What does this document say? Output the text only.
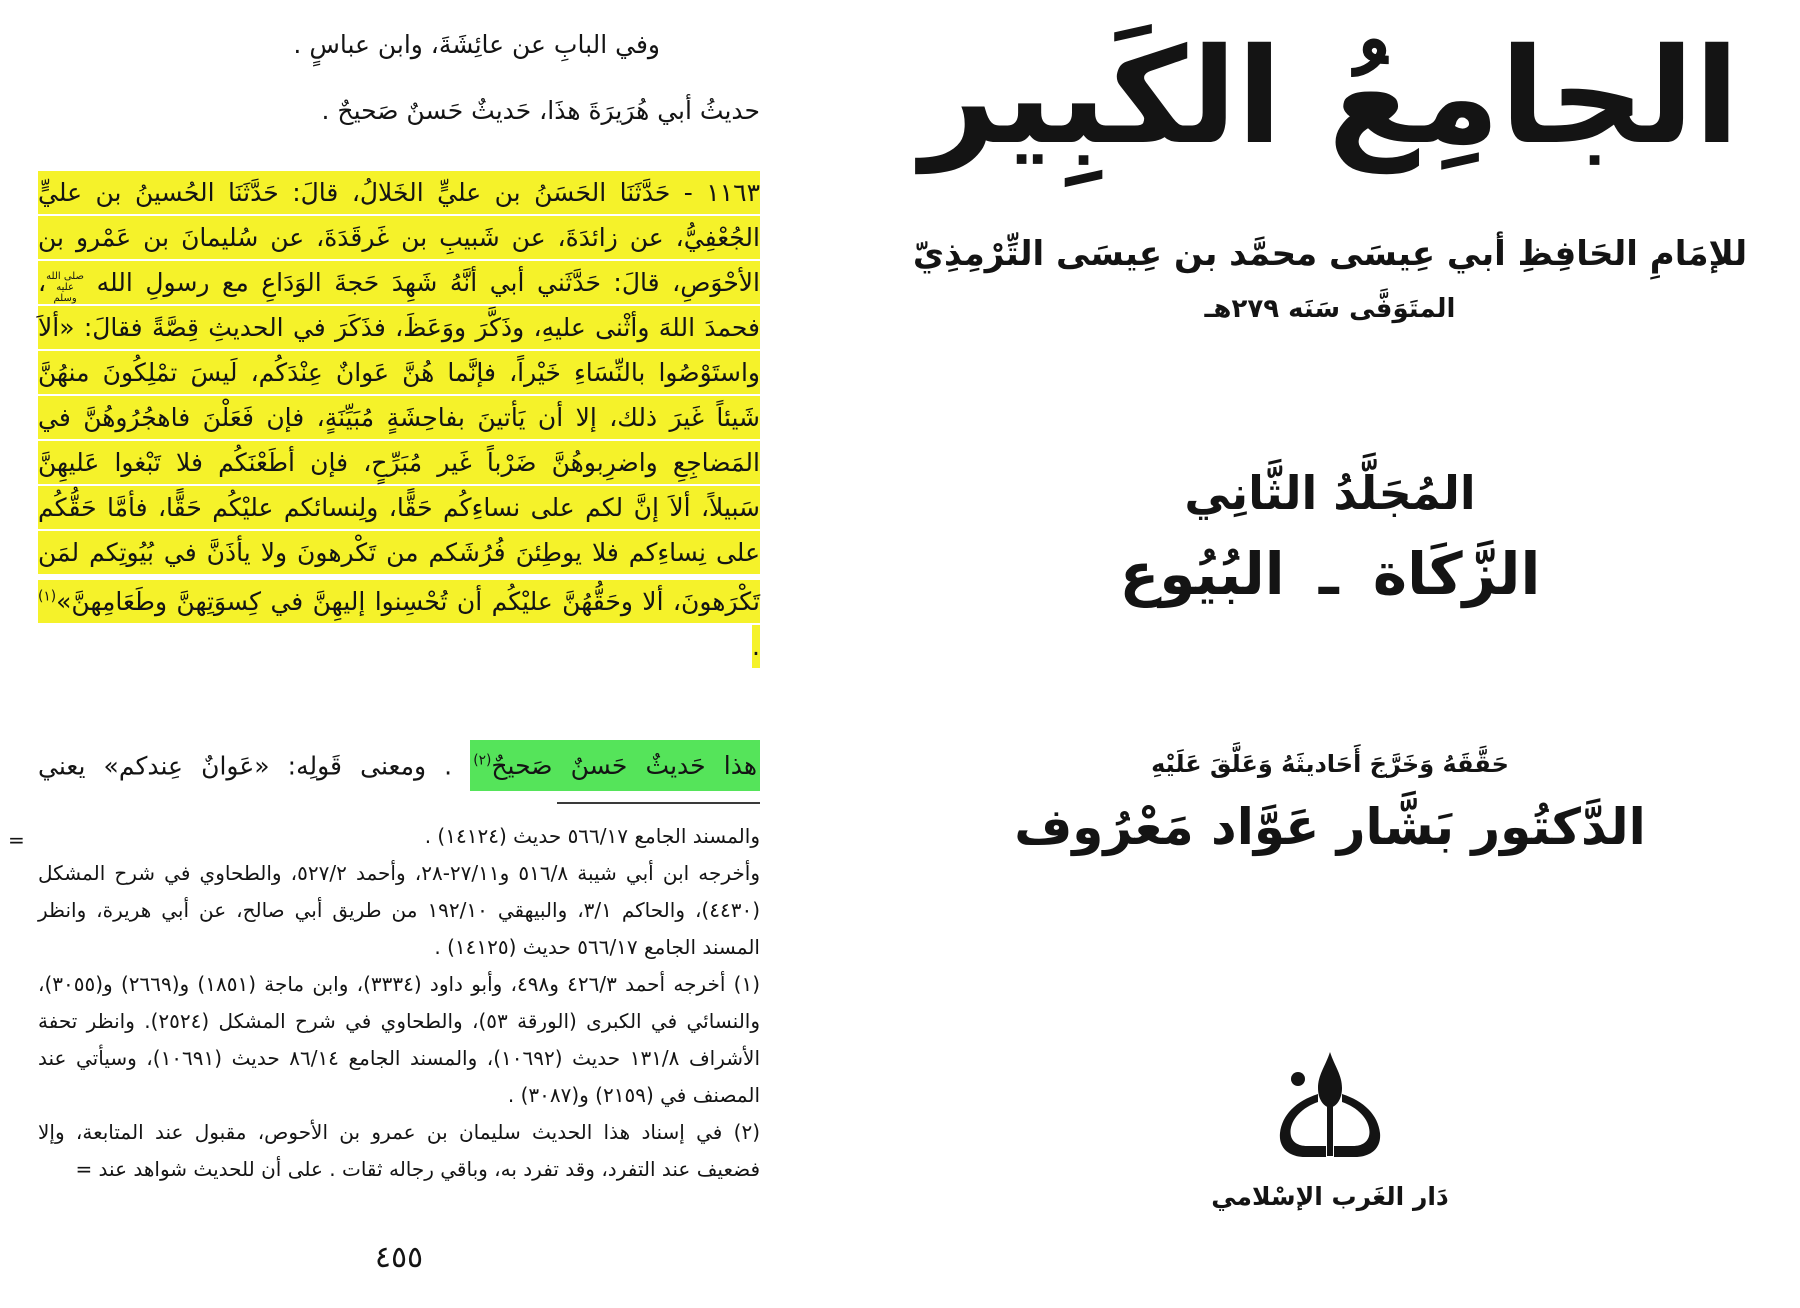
وفي البابِ عن عائِشَةَ، وابن عباسٍ .
حديثُ أبي هُرَيرَةَ هذَا، حَديثٌ حَسنٌ صَحيحٌ .
١١٦٣ - حَدَّثَنَا الحَسَنُ بن عليٍّ الخَلالُ، قالَ: حَدَّثَنَا الحُسينُ بن عليٍّ الجُعْفِيُّ، عن زائدَةَ، عن شَبيبِ بن غَرقَدَةَ، عن سُليمانَ بن عَمْرو بن الأحْوَصِ، قالَ: حَدَّثَني أبي أنَّهُ شَهِدَ حَجةَ الوَدَاعِ مع رسولِ الله صلى الله عليه وسلم، فحمدَ اللهَ وأثْنى عليهِ، وذَكَّرَ ووَعَظَ، فذَكَرَ في الحديثِ قِصَّةً فقالَ: «ألاَ واستَوْصُوا بالنِّسَاءِ خَيْراً، فإنَّما هُنَّ عَوانٌ عِنْدَكُم، لَيسَ تمْلِكُونَ منهُنَّ شَيئاً غَيرَ ذلك، إلا أن يَأتينَ بفاحِشَةٍ مُبَيِّنَةٍ، فإن فَعَلْنَ فاهجُرُوهُنَّ في المَضاجِعِ واضرِبوهُنَّ ضَرْباً غَير مُبَرِّحٍ، فإن أطَعْنَكُم فلا تَبْغوا عَليهِنَّ سَبيلاً، ألاَ إنَّ لكم على نساءِكُم حَقًّا، ولِنسائكم عليْكُم حَقًّا، فأمَّا حَقُّكُم على نِساءِكم فلا يوطِئنَ فُرُشَكم من تَكْرهونَ ولا يأذَنَّ في بُيُوتِكم لمَن تَكْرَهونَ، ألا وحَقُّهُنَّ عليْكُم أن تُحْسِنوا إليهِنَّ في كِسوَتِهنَّ وطَعَامِهنَّ»$^{(١)}$ .
هذا حَديثٌ حَسنٌ صَحيحٌ$^{(٢)}$ . ومعنى قَولِه: «عَوانٌ عِندكم» يعني
=	والمسند الجامع ٥٦٦/١٧ حديث (١٤١٢٤) .

وأخرجه ابن أبي شيبة ٥١٦/٨ و٢٧/١١-٢٨، وأحمد ٥٢٧/٢، والطحاوي في شرح المشكل (٤٤٣٠)، والحاكم ٣/١، والبيهقي ١٩٢/١٠ من طريق أبي صالح، عن أبي هريرة، وانظر المسند الجامع ٥٦٦/١٧ حديث (١٤١٢٥) .

(١) أخرجه أحمد ٤٢٦/٣ و٤٩٨، وأبو داود (٣٣٣٤)، وابن ماجة (١٨٥١) و(٢٦٦٩) و(٣٠٥٥)، والنسائي في الكبرى (الورقة ٥٣)، والطحاوي في شرح المشكل (٢٥٢٤). وانظر تحفة الأشراف ١٣١/٨ حديث (١٠٦٩٢)، والمسند الجامع ٨٦/١٤ حديث (١٠٦٩١)، وسيأتي عند المصنف في (٢١٥٩) و(٣٠٨٧) .

(٢) في إسناد هذا الحديث سليمان بن عمرو بن الأحوص، مقبول عند المتابعة، وإلا فضعيف عند التفرد، وقد تفرد به، وباقي رجاله ثقات . على أن للحديث شواهد عند =

٤٥٥
الجامِعُ الكَبِير
للإمَامِ الحَافِظِ أبي عِيسَى محمَّد بن عِيسَى التِّرْمِذِيّ
المتَوَفَّى سَنَه ٢٧٩هـ
المُجَلَّدُ الثَّانِي
الزَّكَاة ـ البُيُوع
حَقَّقَهُ وَخَرَّجَ أَحَاديثَهُ وَعَلَّقَ عَلَيْهِ
الدَّكتُور بَشَّار عَوَّاد مَعْرُوف
دَار الغَرب الإسْلامي
